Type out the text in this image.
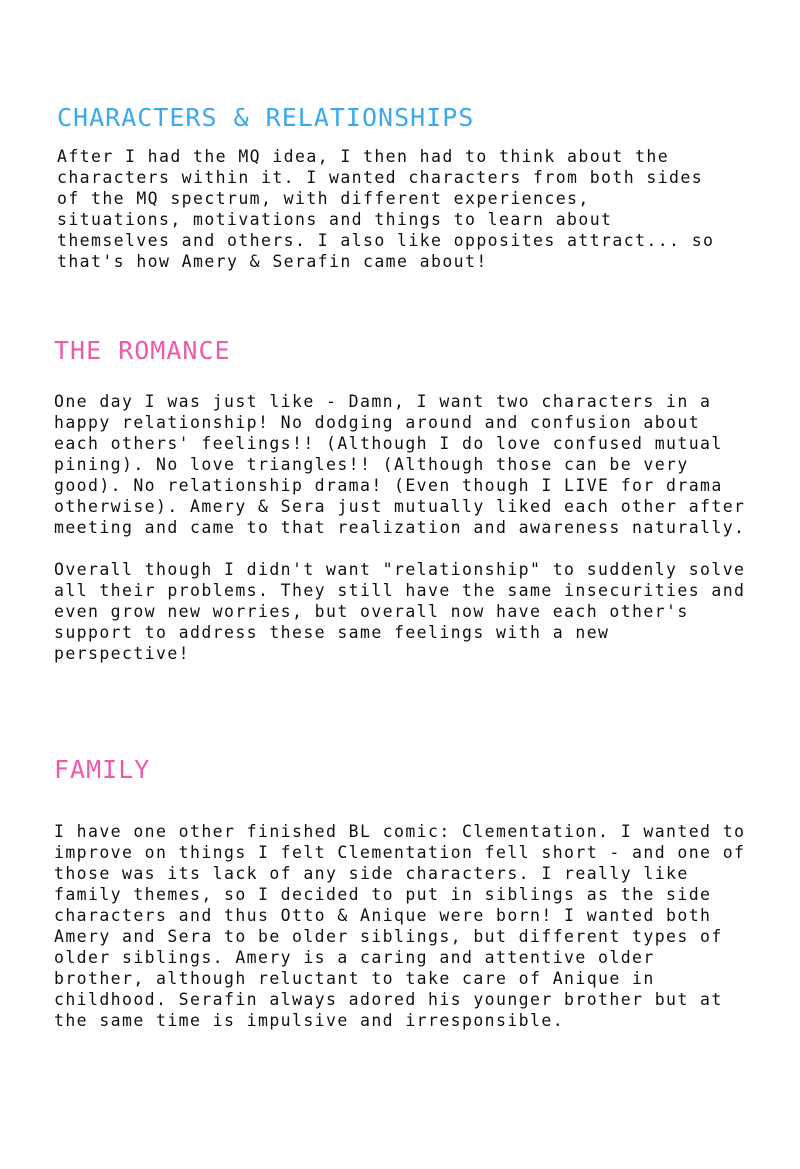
CHARACTERS & RELATIONSHIPS

After I had the MQ idea, I then had to think about the
characters within it. I wanted characters from both sides
of the MQ spectrum, with different experiences,
situations, motivations and things to learn about
themselves and others. I also like opposites attract... so
that's how Amery & Serafin came about!

THE ROMANCE

One day I was just like - Damn, I want two characters in a
happy relationship! No dodging around and confusion about
each others' feelings!! (Although I do love confused mutual
pining). No love triangles!! (Although those can be very
good). No relationship drama! (Even though I LIVE for drama
otherwise). Amery & Sera just mutually liked each other after
meeting and came to that realization and awareness naturally.

Overall though I didn't want "relationship" to suddenly solve
all their problems. They still have the same insecurities and
even grow new worries, but overall now have each other's
support to address these same feelings with a new
perspective!

FAMILY

I have one other finished BL comic: Clementation. I wanted to
improve on things I felt Clementation fell short - and one of
those was its lack of any side characters. I really like
family themes, so I decided to put in siblings as the side
characters and thus Otto & Anique were born! I wanted both
Amery and Sera to be older siblings, but different types of
older siblings. Amery is a caring and attentive older
brother, although reluctant to take care of Anique in
childhood. Serafin always adored his younger brother but at
the same time is impulsive and irresponsible.
